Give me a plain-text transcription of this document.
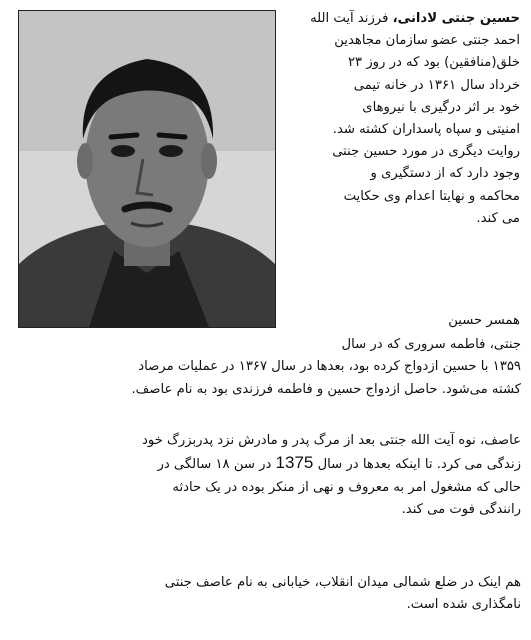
حسین جنتی لادانی، فرزند آیت الله
احمد جنتی عضو سازمان مجاهدین
خلق(منافقین) بود که در روز ۲۳
خرداد سال ۱۳۶۱ در خانه تیمی
خود بر اثر درگیری با نیروهای
امنیتی و سپاه پاسداران کشته شد.
روایت دیگری در مورد حسین جنتی
وجود دارد که از دستگیری و
محاکمه و نهایتا اعدام وی حکایت
می کند.
همسر حسین
جنتی، فاطمه سروری که در سال
۱۳۵۹ با حسین ازدواج کرده بود، بعدها در سال ۱۳۶۷ در عملیات مرصاد
کشته می‌شود. حاصل ازدواج حسین و فاطمه فرزندی بود به نام عاصف.
عاصف، نوه آیت الله جنتی بعد از مرگ پدر و مادرش نزد پدربزرگ خود
زندگی می کرد. تا اینکه بعدها در سال 1375 در سن ۱۸ سالگی در
حالی که مشغول امر به معروف و نهی از منکر بوده در یک حادثه
رانندگی فوت می کند.
هم اینک در ضلع شمالی میدان انقلاب، خیابانی به نام عاصف جنتی
نامگذاری شده است.
